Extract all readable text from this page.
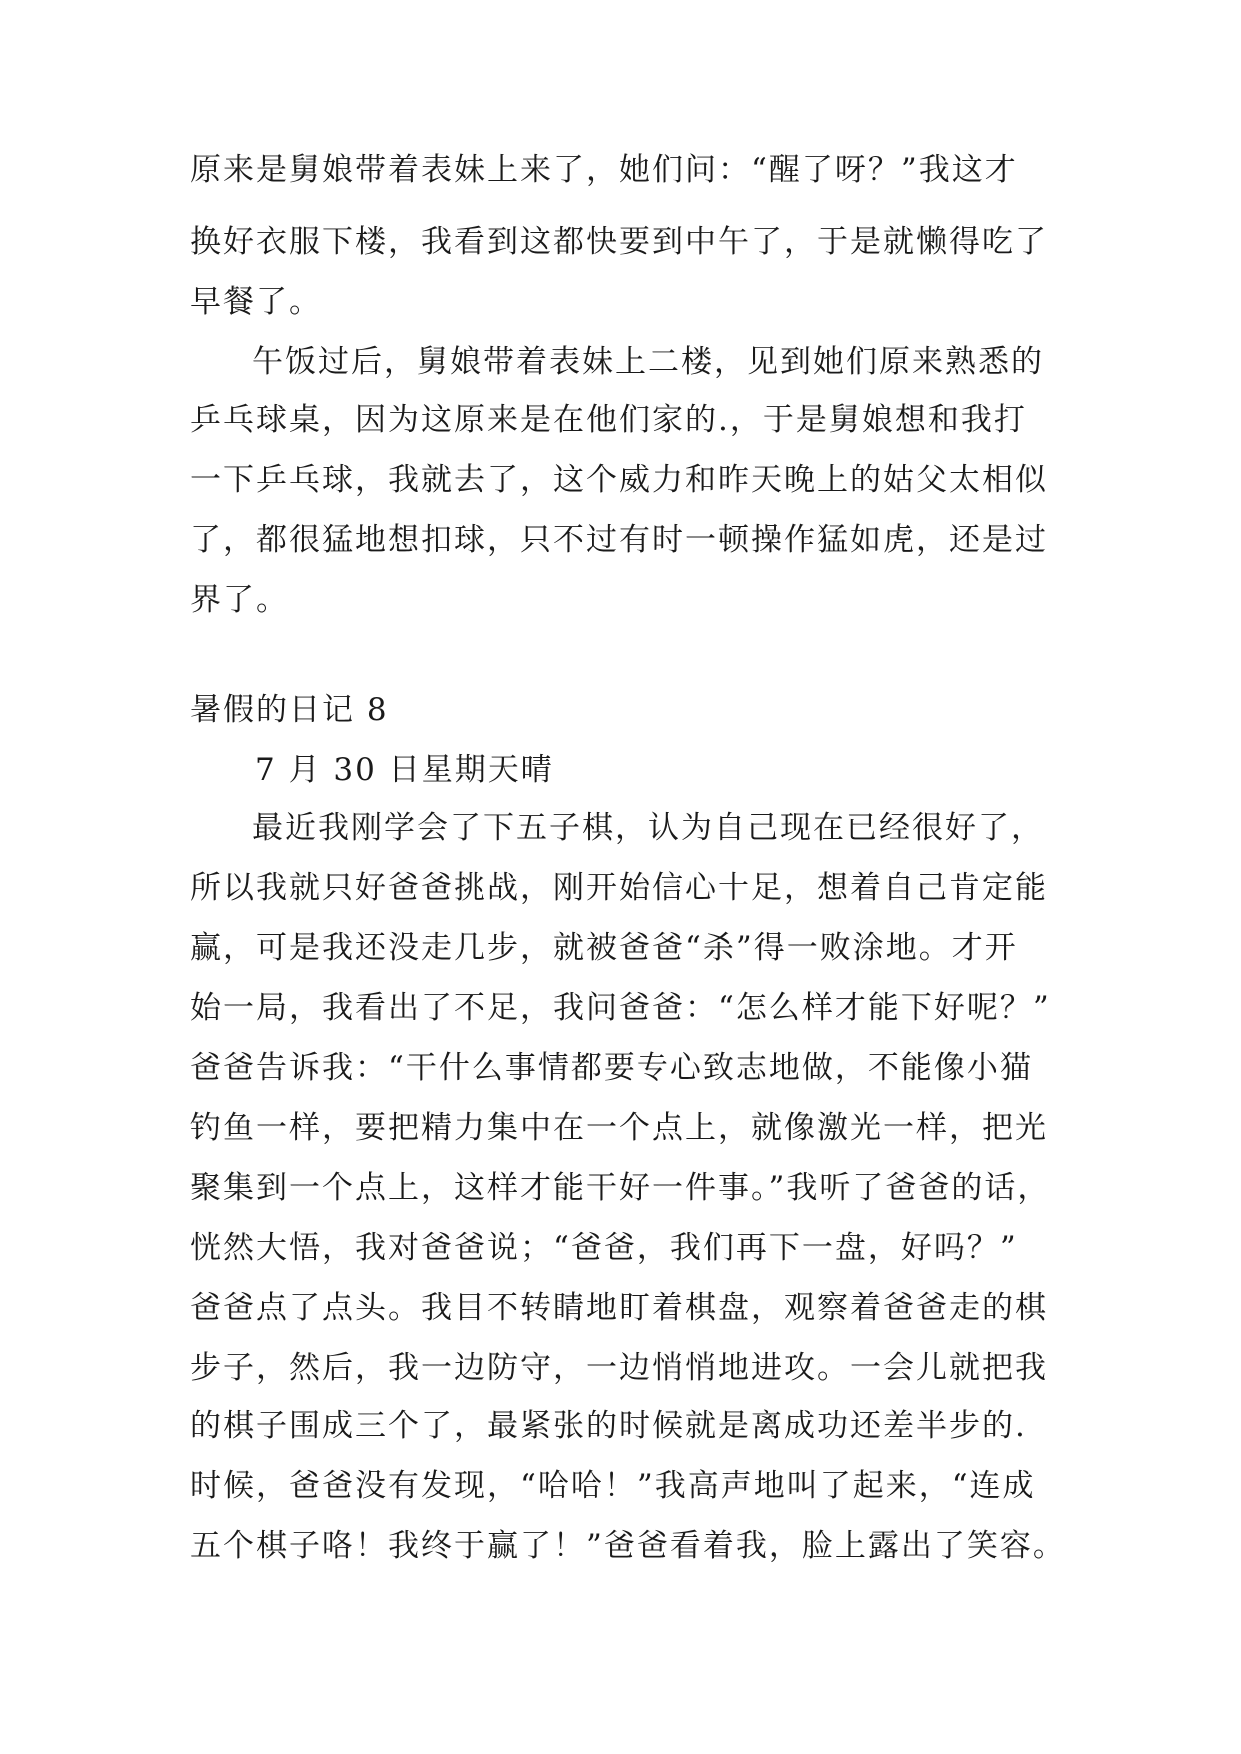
原来是舅娘带着表妹上来了，她们问：“醒了呀？”我这才
换好衣服下楼，我看到这都快要到中午了，于是就懒得吃了
早餐了。
午饭过后，舅娘带着表妹上二楼，见到她们原来熟悉的
乒乓球桌，因为这原来是在他们家的.，于是舅娘想和我打
一下乒乓球，我就去了，这个威力和昨天晚上的姑父太相似
了，都很猛地想扣球，只不过有时一顿操作猛如虎，还是过
界了。
暑假的日记 8
7 月 30 日星期天晴
最近我刚学会了下五子棋，认为自己现在已经很好了，
所以我就只好爸爸挑战，刚开始信心十足，想着自己肯定能
赢，可是我还没走几步，就被爸爸“杀”得一败涂地。才开
始一局，我看出了不足，我问爸爸：“怎么样才能下好呢？”
爸爸告诉我：“干什么事情都要专心致志地做，不能像小猫
钓鱼一样，要把精力集中在一个点上，就像激光一样，把光
聚集到一个点上，这样才能干好一件事。”我听了爸爸的话，
恍然大悟，我对爸爸说；“爸爸，我们再下一盘，好吗？”
爸爸点了点头。我目不转睛地盯着棋盘，观察着爸爸走的棋
步子，然后，我一边防守，一边悄悄地进攻。一会儿就把我
的棋子围成三个了，最紧张的时候就是离成功还差半步的.
时候，爸爸没有发现，“哈哈！”我高声地叫了起来，“连成
五个棋子咯！我终于赢了！”爸爸看着我，脸上露出了笑容。
